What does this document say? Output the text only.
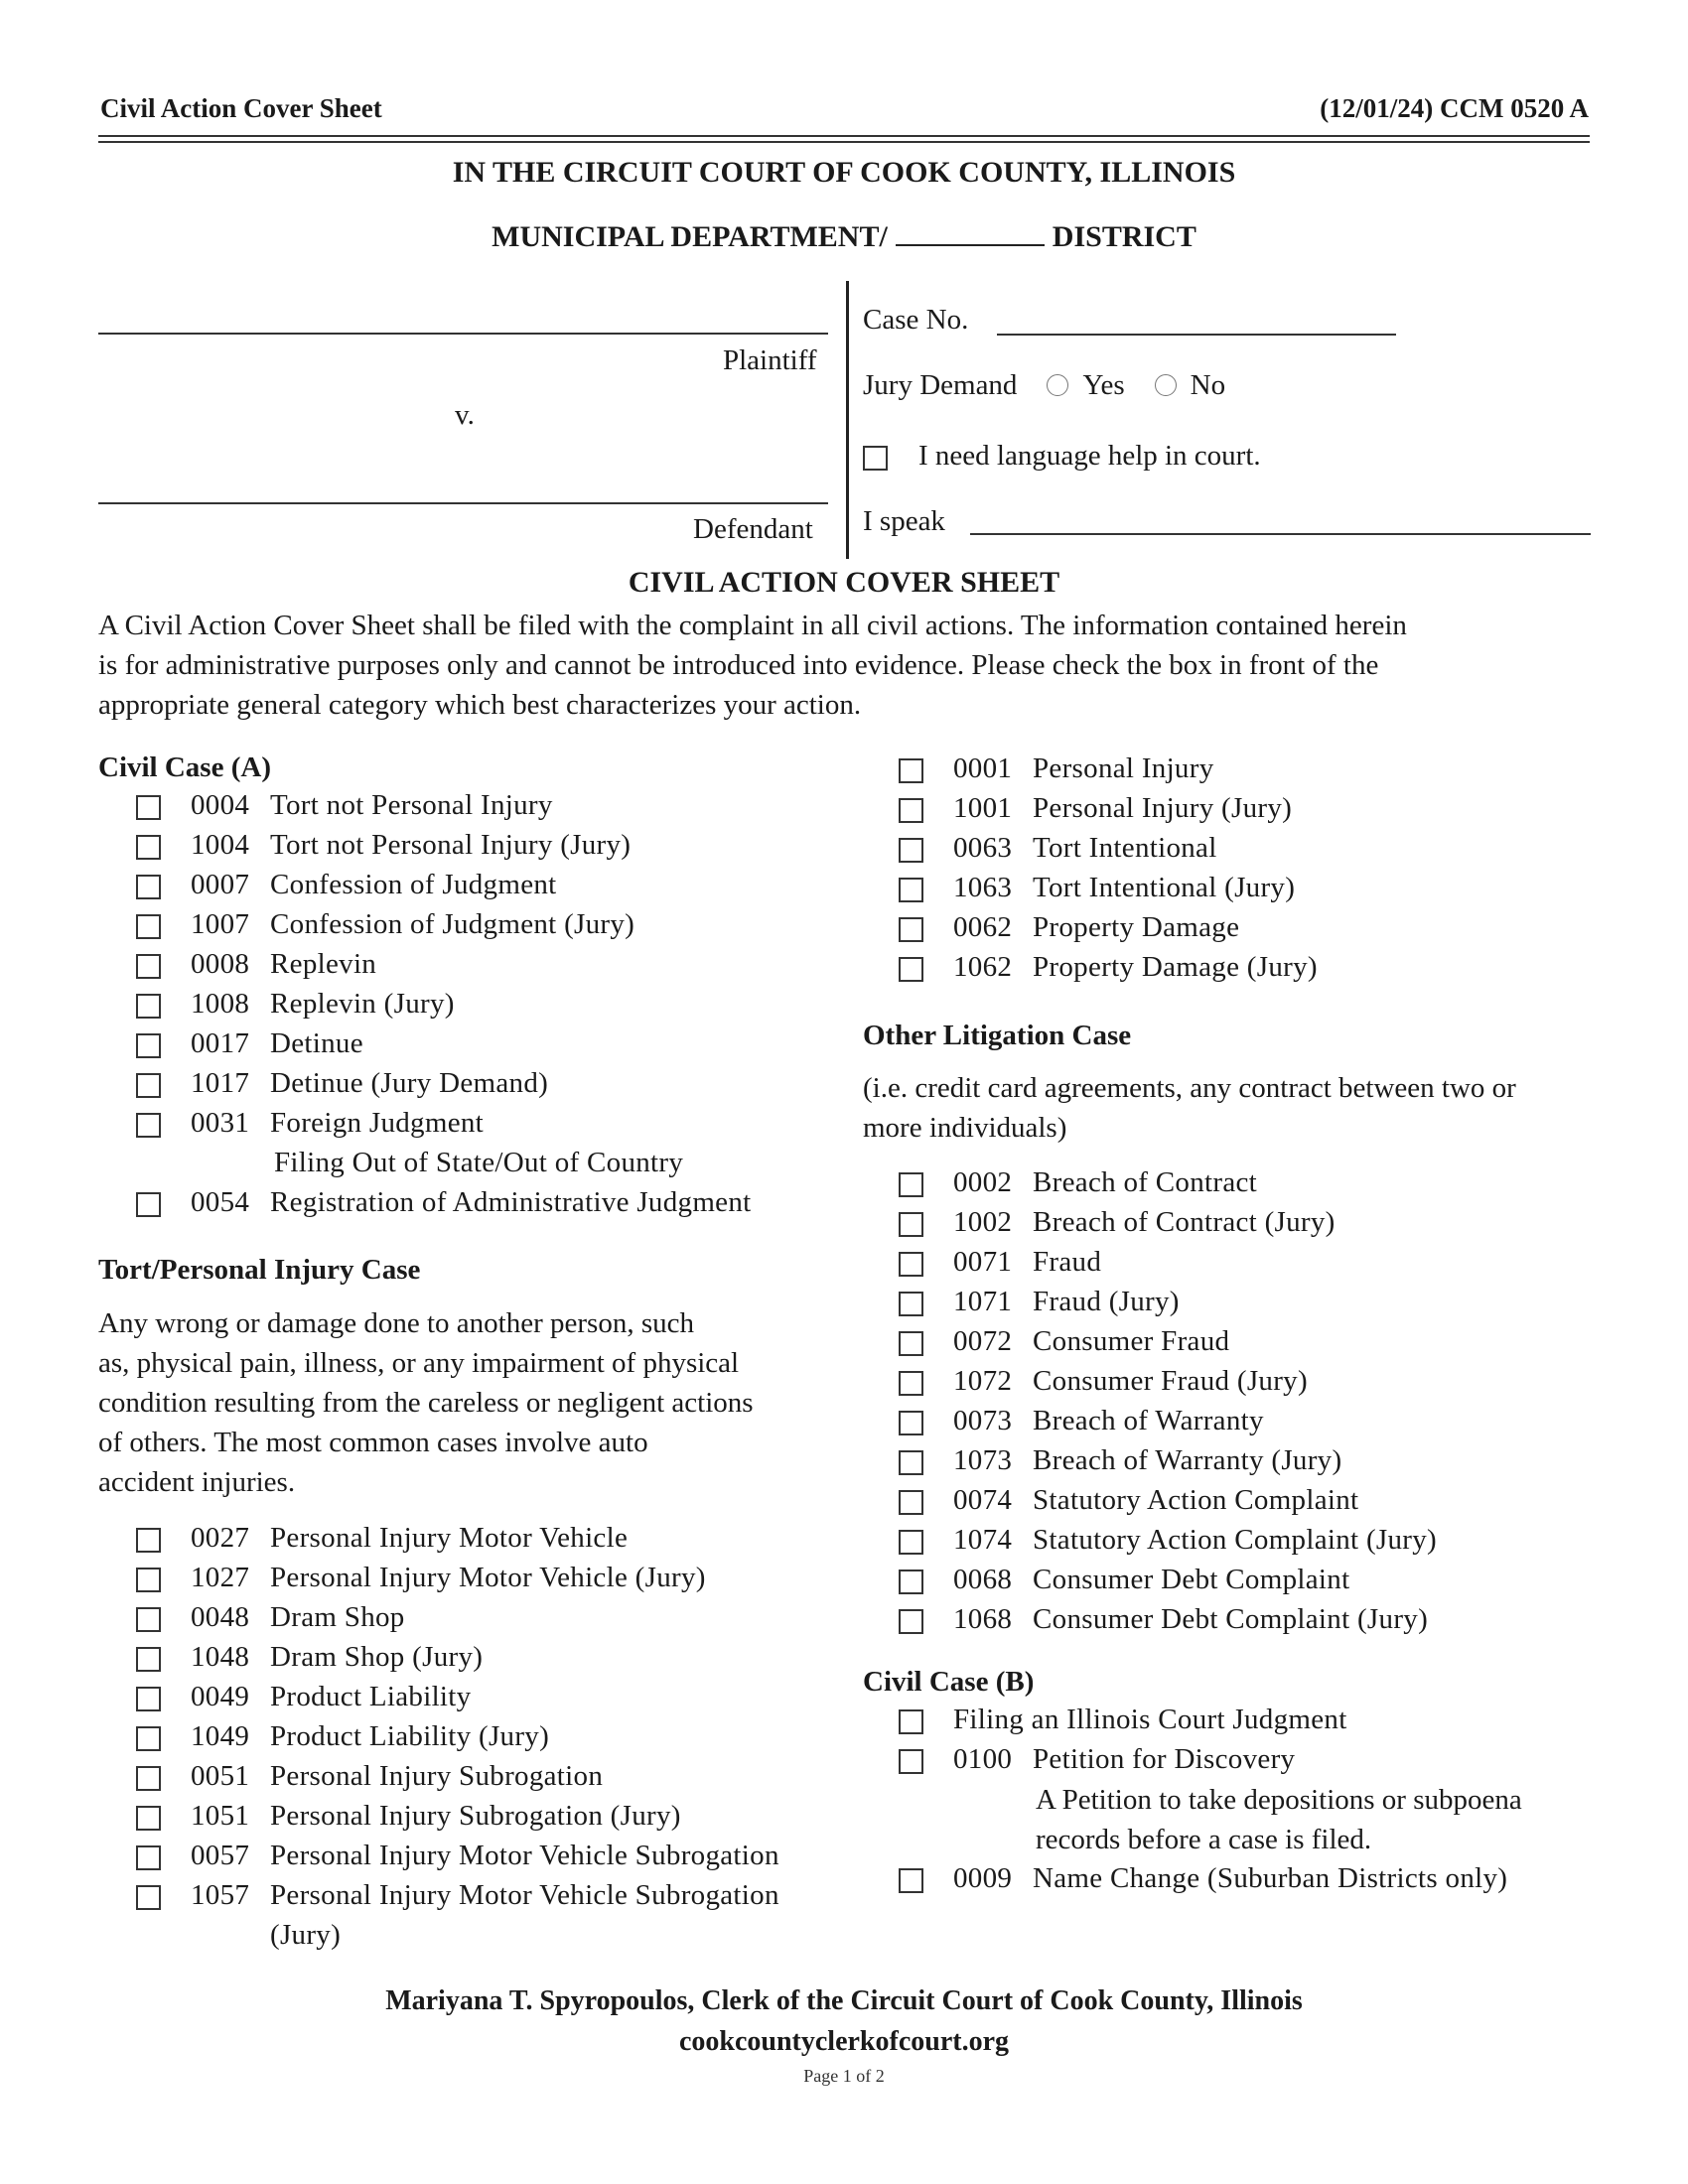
Civil Action Cover Sheet	(12/01/24) CCM 0520 A
IN THE CIRCUIT COURT OF COOK COUNTY, ILLINOIS
MUNICIPAL DEPARTMENT/	DISTRICT
Plaintiff
v.
Defendant
Case No.
Jury Demand Yes No
I need language help in court.
I speak
CIVIL ACTION COVER SHEET
A Civil Action Cover Sheet shall be filed with the complaint in all civil actions. The information contained herein
is for administrative purposes only and cannot be introduced into evidence. Please check the box in front of the
appropriate general category which best characterizes your action.
Civil Case (A)
0004 Tort not Personal Injury
1004 Tort not Personal Injury (Jury)
0007 Confession of Judgment
1007 Confession of Judgment (Jury)
0008 Replevin
1008 Replevin (Jury)
0017 Detinue
1017 Detinue (Jury Demand)
0031 Foreign Judgment
Filing Out of State/Out of Country
0054 Registration of Administrative Judgment
Tort/Personal Injury Case
Any wrong or damage done to another person, such
as, physical pain, illness, or any impairment of physical
condition resulting from the careless or negligent actions
of others. The most common cases involve auto
accident injuries.
0027 Personal Injury Motor Vehicle
1027 Personal Injury Motor Vehicle (Jury)
0048 Dram Shop
1048 Dram Shop (Jury)
0049 Product Liability
1049 Product Liability (Jury)
0051 Personal Injury Subrogation
1051 Personal Injury Subrogation (Jury)
0057 Personal Injury Motor Vehicle Subrogation
1057 Personal Injury Motor Vehicle Subrogation
(Jury)
0001 Personal Injury
1001 Personal Injury (Jury)
0063 Tort Intentional
1063 Tort Intentional (Jury)
0062 Property Damage
1062 Property Damage (Jury)
Other Litigation Case
(i.e. credit card agreements, any contract between two or
more individuals)
0002 Breach of Contract
1002 Breach of Contract (Jury)
0071 Fraud
1071 Fraud (Jury)
0072 Consumer Fraud
1072 Consumer Fraud (Jury)
0073 Breach of Warranty
1073 Breach of Warranty (Jury)
0074 Statutory Action Complaint
1074 Statutory Action Complaint (Jury)
0068 Consumer Debt Complaint
1068 Consumer Debt Complaint (Jury)
Civil Case (B)
Filing an Illinois Court Judgment
0100 Petition for Discovery
A Petition to take depositions or subpoena
records before a case is filed.
0009 Name Change (Suburban Districts only)
Mariyana T. Spyropoulos, Clerk of the Circuit Court of Cook County, Illinois
cookcountyclerkofcourt.org
Page 1 of 2
